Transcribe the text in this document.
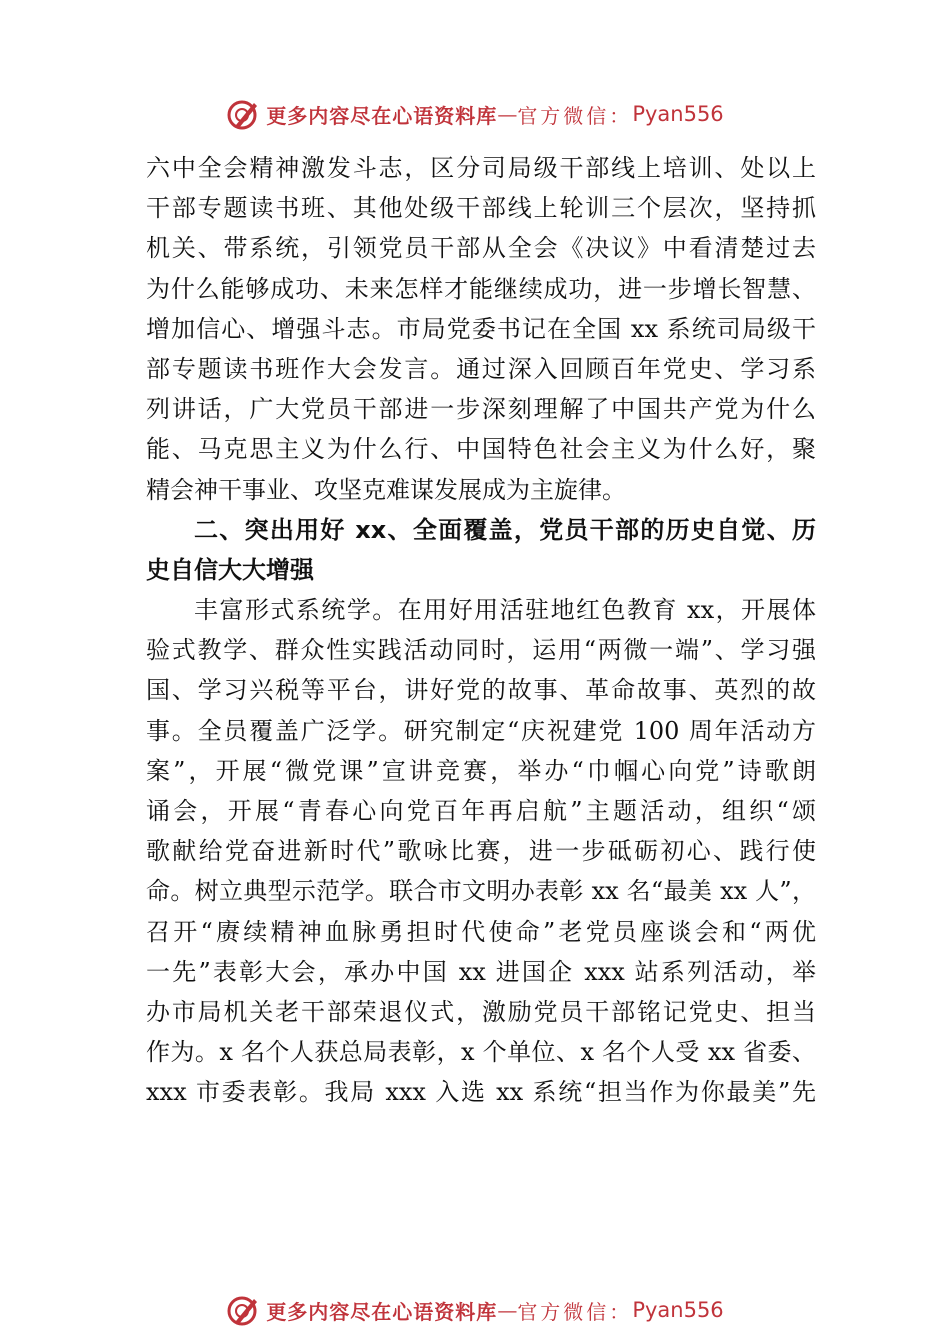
更多内容尽在心语资料库 — 官方微信： Pyan556
六中全会精神激发斗志，区分司局级干部线上培训、处以上
干部专题读书班、其他处级干部线上轮训三个层次，坚持抓
机关、带系统，引领党员干部从全会《决议》中看清楚过去
为什么能够成功、未来怎样才能继续成功，进一步增长智慧、
增加信心、增强斗志。市局党委书记在全国 xx 系统司局级干
部专题读书班作大会发言。通过深入回顾百年党史、学习系
列讲话，广大党员干部进一步深刻理解了中国共产党为什么
能、马克思主义为什么行、中国特色社会主义为什么好，聚
精会神干事业、攻坚克难谋发展成为主旋律。
二、突出用好 xx、全面覆盖，党员干部的历史自觉、历
史自信大大增强
丰富形式系统学。在用好用活驻地红色教育 xx，开展体
验式教学、群众性实践活动同时，运用“两微一端”、学习强
国、学习兴税等平台，讲好党的故事、革命故事、英烈的故
事。全员覆盖广泛学。研究制定“庆祝建党 100 周年活动方
案”，开展“微党课”宣讲竞赛，举办“巾帼心向党”诗歌朗
诵会，开展“青春心向党百年再启航”主题活动，组织“颂
歌献给党奋进新时代”歌咏比赛，进一步砥砺初心、践行使
命。树立典型示范学。联合市文明办表彰 xx 名“最美 xx 人”，
召开“赓续精神血脉勇担时代使命”老党员座谈会和“两优
一先”表彰大会，承办中国 xx 进国企 xxx 站系列活动，举
办市局机关老干部荣退仪式，激励党员干部铭记党史、担当
作为。x 名个人获总局表彰，x 个单位、x 名个人受 xx 省委、
xxx 市委表彰。我局 xxx 入选 xx 系统“担当作为你最美”先
更多内容尽在心语资料库 — 官方微信： Pyan556
